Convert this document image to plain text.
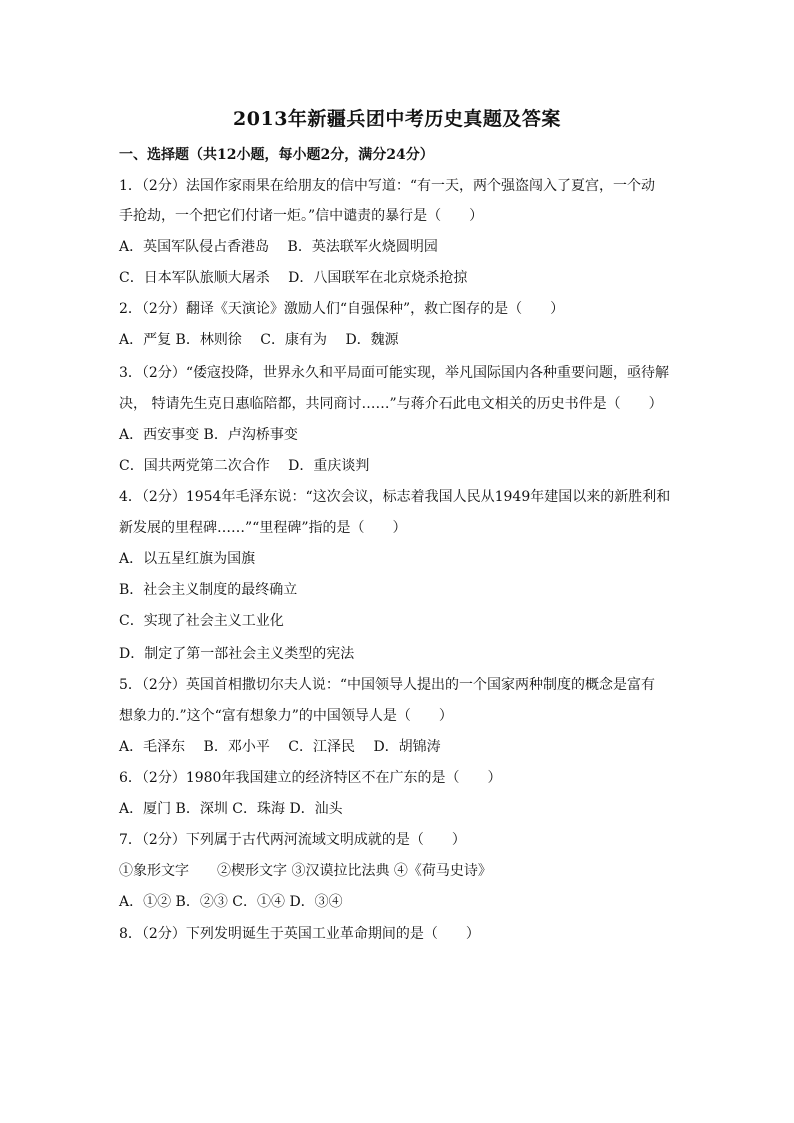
2013年新疆兵团中考历史真题及答案
一、选择题（共12小题，每小题2分，满分24分）
1．（2分）法国作家雨果在给朋友的信中写道：“有一天，两个强盗闯入了夏宫，一个动
手抢劫，一个把它们付诸一炬。”信中谴责的暴行是（　　）
A．英国军队侵占香港岛　 B．英法联军火烧圆明园
C．日本军队旅顺大屠杀　 D．八国联军在北京烧杀抢掠
2．（2分）翻译《天演论》激励人们“自强保种”，救亡图存的是（　　）
A．严复 B．林则徐　 C．康有为　 D．魏源
3．（2分）“倭寇投降，世界永久和平局面可能实现，举凡国际国内各种重要问题，亟待解
决， 特请先生克日惠临陪都，共同商讨……”与蒋介石此电文相关的历史书件是（　　）
A．西安事变 B．卢沟桥事变
C．国共两党第二次合作　 D．重庆谈判
4．（2分）1954年毛泽东说：“这次会议，标志着我国人民从1949年建国以来的新胜利和
新发展的里程碑……”“里程碑”指的是（　　）
A．以五星红旗为国旗
B．社会主义制度的最终确立
C．实现了社会主义工业化
D．制定了第一部社会主义类型的宪法
5．（2分）英国首相撒切尔夫人说：“中国领导人提出的一个国家两种制度的概念是富有
想象力的.”这个“富有想象力”的中国领导人是（　　）
A．毛泽东　 B．邓小平　 C．江泽民　 D．胡锦涛
6．（2分）1980年我国建立的经济特区不在广东的是（　　）
A．厦门 B．深圳 C．珠海 D．汕头
7．（2分）下列属于古代两河流域文明成就的是（　　）
①象形文字　　②楔形文字 ③汉谟拉比法典 ④《荷马史诗》
A．①② B．②③ C．①④ D．③④
8．（2分）下列发明诞生于英国工业革命期间的是（　　）
